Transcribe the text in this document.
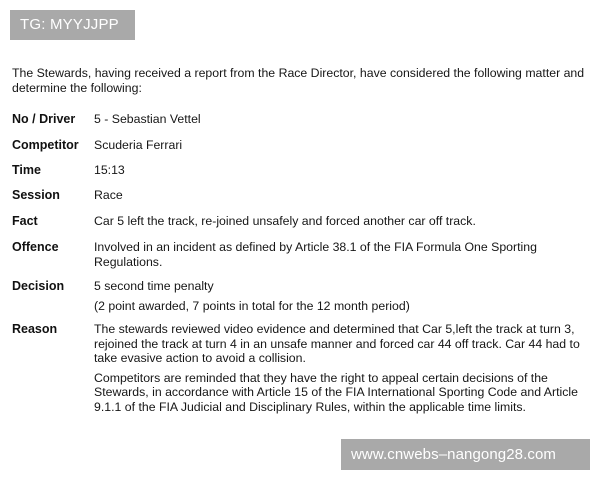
TG: MYYJJPP
The Stewards, having received a report from the Race Director, have considered the following matter and determine the following:
No / Driver	5 - Sebastian Vettel
Competitor	Scuderia Ferrari
Time	15:13
Session	Race
Fact	Car 5 left the track, re-joined unsafely and forced another car off track.
Offence	Involved in an incident as defined by Article 38.1 of the FIA Formula One Sporting Regulations.
Decision	5 second time penalty

(2 point awarded, 7 points in total for the 12 month period)

Reason	The stewards reviewed video evidence and determined that Car 5,left the track at turn 3, rejoined the track at turn 4 in an unsafe manner and forced car 44 off track. Car 44 had to take evasive action to avoid a collision.

Competitors are reminded that they have the right to appeal certain decisions of the Stewards, in accordance with Article 15 of the FIA International Sporting Code and Article 9.1.1 of the FIA Judicial and Disciplinary Rules, within the applicable time limits.

www.cnwebs–nangong28.com
